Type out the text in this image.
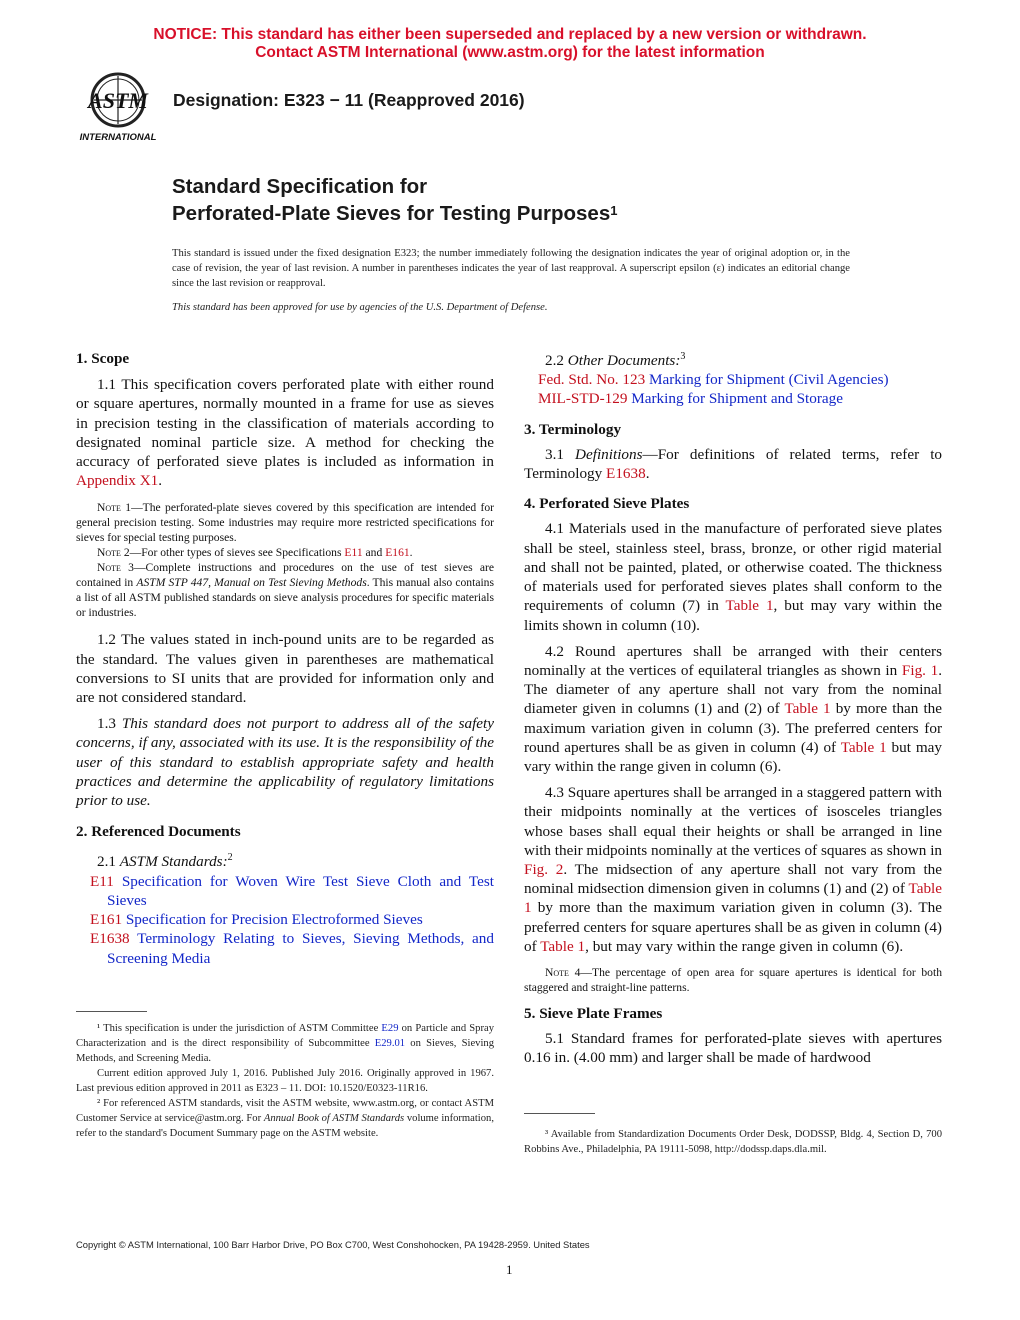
NOTICE: This standard has either been superseded and replaced by a new version or withdrawn.
Contact ASTM International (www.astm.org) for the latest information
ASTM
INTERNATIONAL
Designation: E323 − 11 (Reapproved 2016)
Standard Specification for
Perforated-Plate Sieves for Testing Purposes$^1$
This standard is issued under the fixed designation E323; the number immediately following the designation indicates the year of original adoption or, in the case of revision, the year of last revision. A number in parentheses indicates the year of last reapproval. A superscript epsilon (ε) indicates an editorial change since the last revision or reapproval.
This standard has been approved for use by agencies of the U.S. Department of Defense.
1. Scope

1.1 This specification covers perforated plate with either round or square apertures, normally mounted in a frame for use as sieves in precision testing in the classification of materials according to designated nominal particle size. A method for checking the accuracy of perforated sieve plates is included as information in Appendix X1.

Note 1—The perforated-plate sieves covered by this specification are intended for general precision testing. Some industries may require more restricted specifications for sieves for special testing purposes.
Note 2—For other types of sieves see Specifications E11 and E161.
Note 3—Complete instructions and procedures on the use of test sieves are contained in ASTM STP 447, Manual on Test Sieving Methods. This manual also contains a list of all ASTM published standards on sieve analysis procedures for specific materials or industries.

1.2 The values stated in inch-pound units are to be regarded as the standard. The values given in parentheses are mathematical conversions to SI units that are provided for information only and are not considered standard.

1.3 This standard does not purport to address all of the safety concerns, if any, associated with its use. It is the responsibility of the user of this standard to establish appropriate safety and health practices and determine the applicability of regulatory limitations prior to use.

2. Referenced Documents

2.1 ASTM Standards:$^2$

E11 Specification for Woven Wire Test Sieve Cloth and Test Sieves
E161 Specification for Precision Electroformed Sieves
E1638 Terminology Relating to Sieves, Sieving Methods, and Screening Media
¹ This specification is under the jurisdiction of ASTM Committee E29 on Particle and Spray Characterization and is the direct responsibility of Subcommittee E29.01 on Sieves, Sieving Methods, and Screening Media.
Current edition approved July 1, 2016. Published July 2016. Originally approved in 1967. Last previous edition approved in 2011 as E323 – 11. DOI: 10.1520/E0323-11R16.
² For referenced ASTM standards, visit the ASTM website, www.astm.org, or contact ASTM Customer Service at service@astm.org. For Annual Book of ASTM Standards volume information, refer to the standard's Document Summary page on the ASTM website.

2.2 Other Documents:$^3$

Fed. Std. No. 123 Marking for Shipment (Civil Agencies)
MIL-STD-129 Marking for Shipment and Storage
3. Terminology

3.1 Definitions—For definitions of related terms, refer to Terminology E1638.

4. Perforated Sieve Plates

4.1 Materials used in the manufacture of perforated sieve plates shall be steel, stainless steel, brass, bronze, or other rigid material and shall not be painted, plated, or otherwise coated. The thickness of materials used for perforated sieves plates shall conform to the requirements of column (7) in Table 1, but may vary within the limits shown in column (10).

4.2 Round apertures shall be arranged with their centers nominally at the vertices of equilateral triangles as shown in Fig. 1. The diameter of any aperture shall not vary from the nominal diameter given in columns (1) and (2) of Table 1 by more than the maximum variation given in column (3). The preferred centers for round apertures shall be as given in column (4) of Table 1 but may vary within the range given in column (6).

4.3 Square apertures shall be arranged in a staggered pattern with their midpoints nominally at the vertices of isosceles triangles whose bases shall equal their heights or shall be arranged in line with their midpoints nominally at the vertices of squares as shown in Fig. 2. The midsection of any aperture shall not vary from the nominal midsection dimension given in columns (1) and (2) of Table 1 by more than the maximum variation given in column (3). The preferred centers for square apertures shall be as given in column (4) of Table 1, but may vary within the range given in column (6).

Note 4—The percentage of open area for square apertures is identical for both staggered and straight-line patterns.
5. Sieve Plate Frames

5.1 Standard frames for perforated-plate sieves with apertures 0.16 in. (4.00 mm) and larger shall be made of hardwood

³ Available from Standardization Documents Order Desk, DODSSP, Bldg. 4, Section D, 700 Robbins Ave., Philadelphia, PA 19111-5098, http://dodssp.daps.dla.mil.
Copyright © ASTM International, 100 Barr Harbor Drive, PO Box C700, West Conshohocken, PA 19428-2959. United States
1
